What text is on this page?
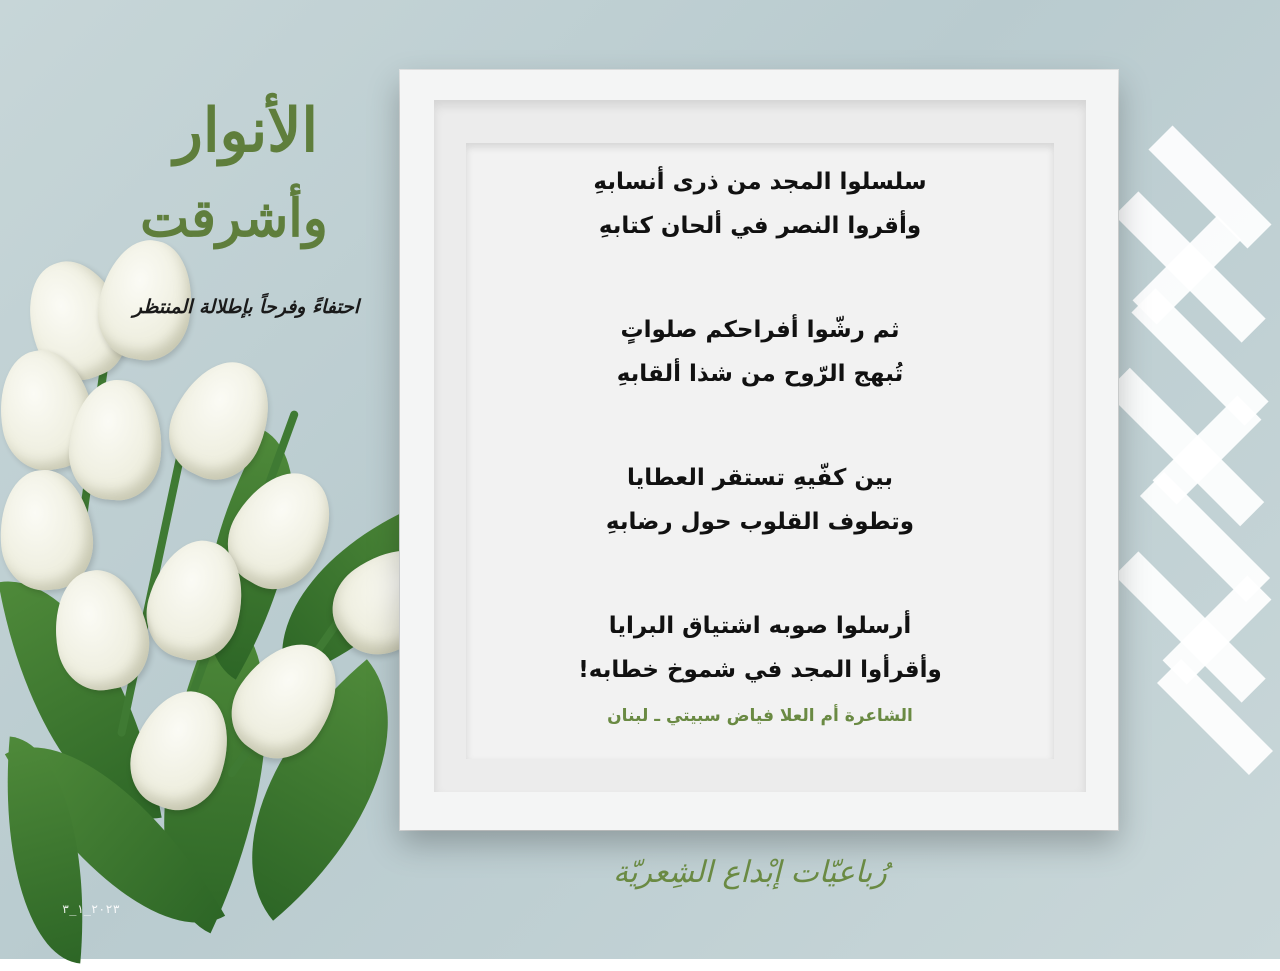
الأنوار
وأشرقت
احتفاءً وفرحاً بإطلالة المنتظر
سلسلوا المجد من ذرى أنسابهِ
وأقروا النصر في ألحان كتابهِ
ثم رشّوا أفراحكم صلواتٍ
تُبهج الرّوح من شذا ألقابهِ
بين كفّيهِ تستقر العطايا
وتطوف القلوب حول رضابهِ
أرسلوا صوبه اشتياق البرايا
وأقرأوا المجد في شموخ خطابه!
الشاعرة أم العلا فياض سبيتي ـ لبنان
رُباعيّات إبْداع الشِعريّة
٢٠٢٣_١_٣
